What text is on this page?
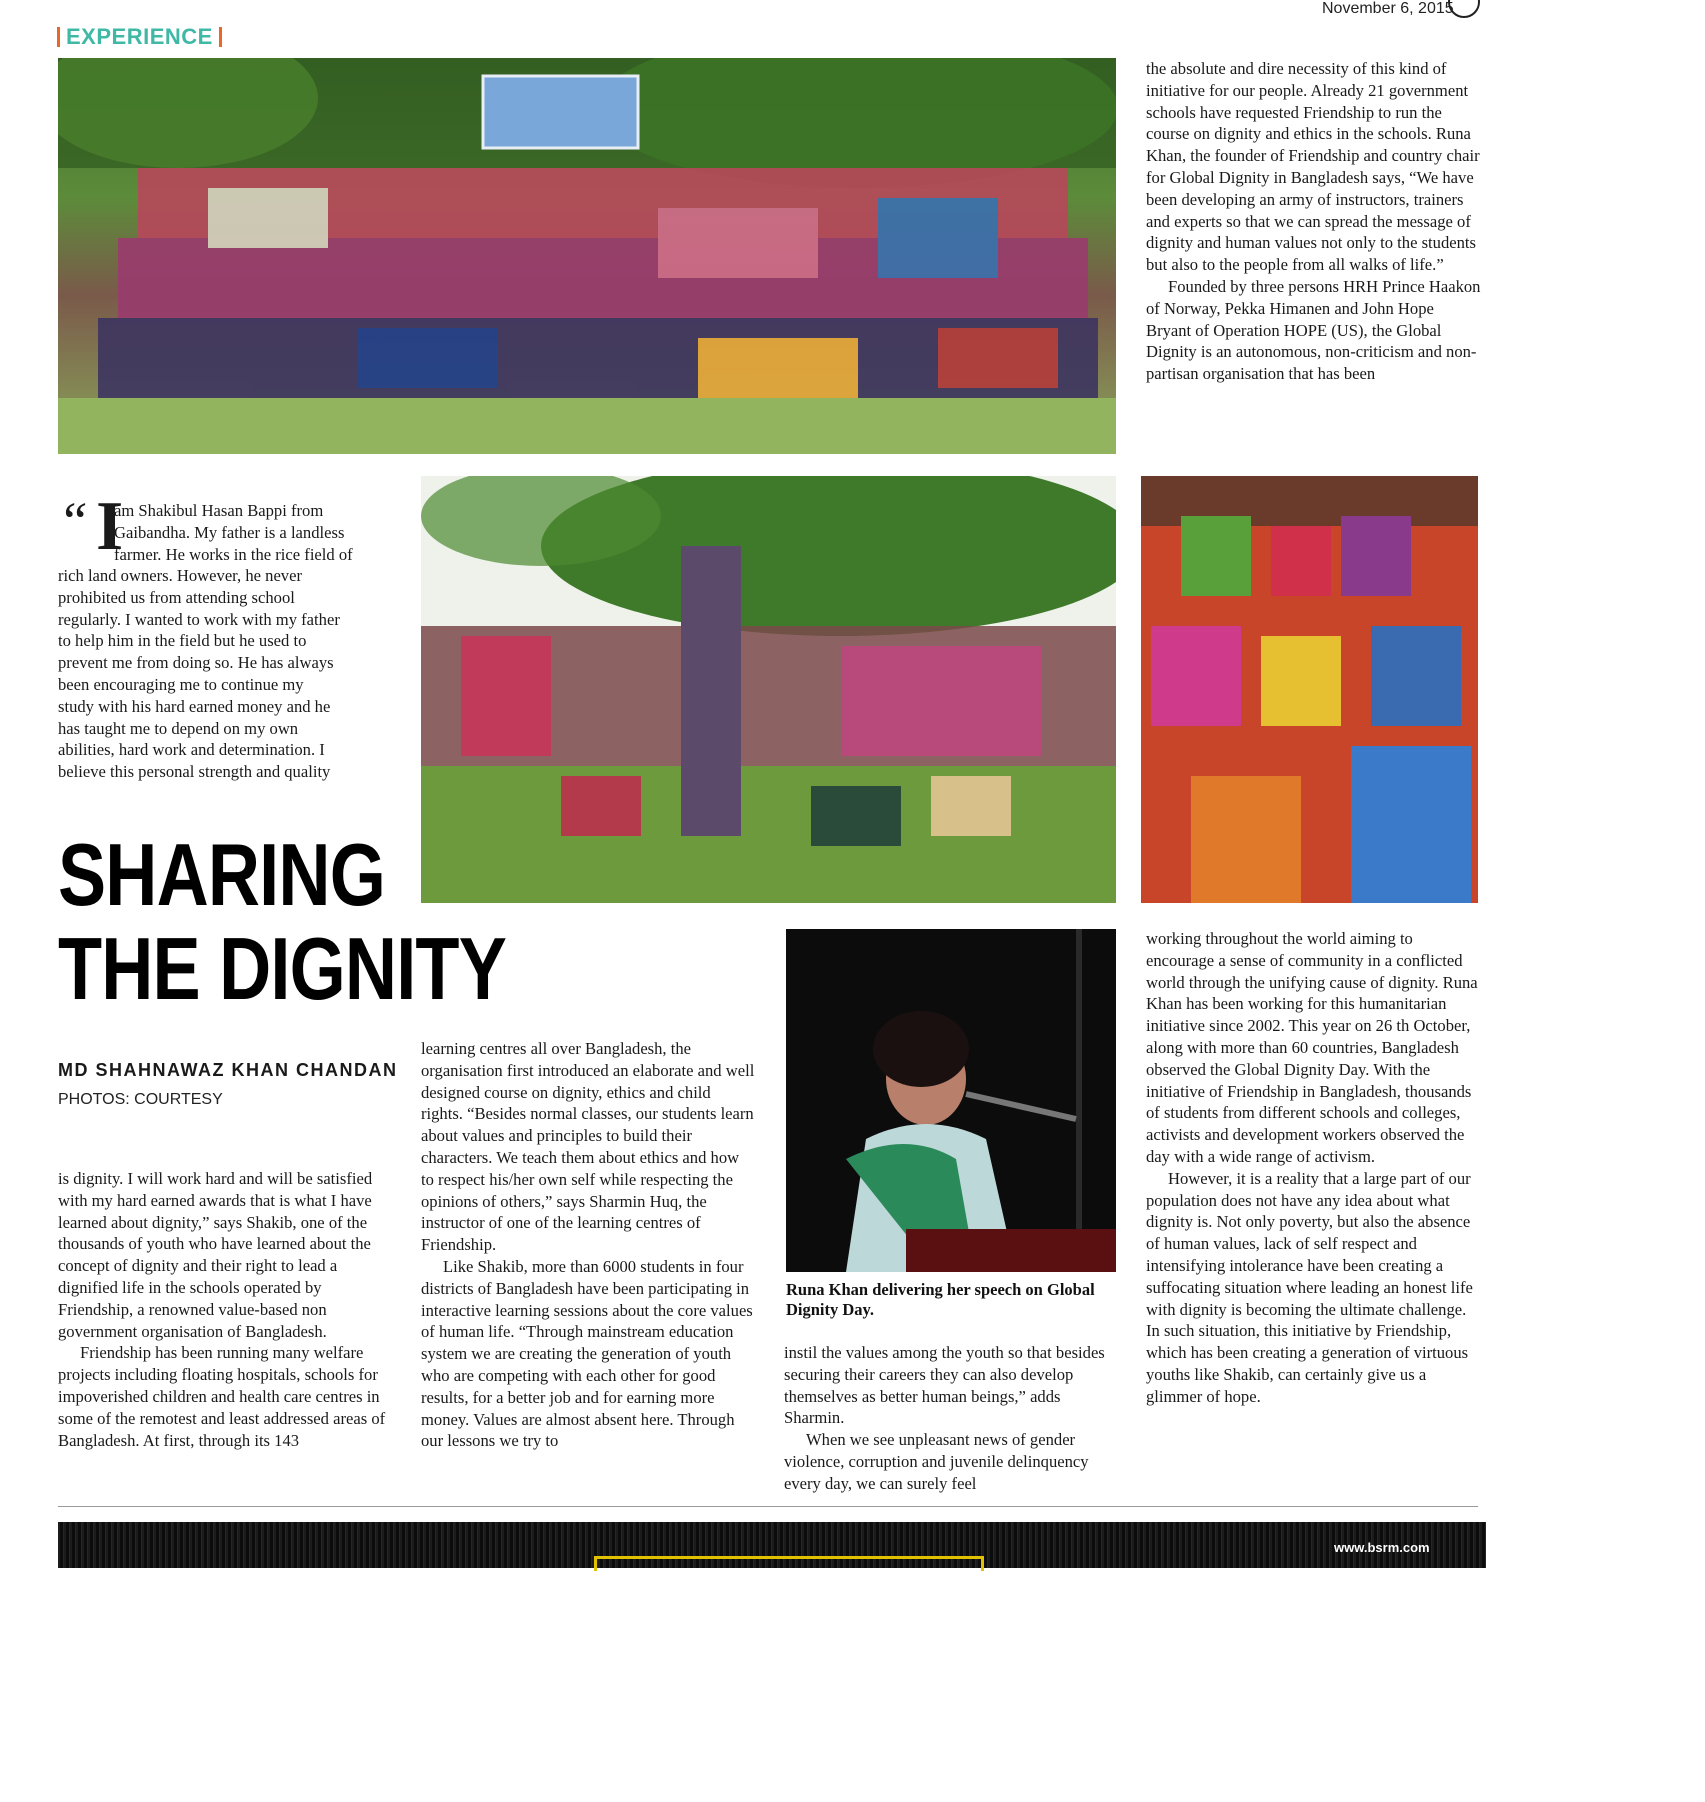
November 6, 2015
EXPERIENCE
“ I
am Shakibul Hasan Bappi from
Gaibandha. My father is a landless
farmer. He works in the rice field of
rich land owners. However, he never
prohibited us from attending school
regularly. I wanted to work with my father
to help him in the field but he used to
prevent me from doing so. He has always
been encouraging me to continue my
study with his hard earned money and he
has taught me to depend on my own
abilities, hard work and determination. I
believe this personal strength and quality
SHARING
THE DIGNITY
MD SHAHNAWAZ KHAN CHANDAN
PHOTOS: COURTESY

is dignity. I will work hard and will be satisfied with my hard earned awards that is what I have learned about dignity,” says Shakib, one of the thousands of youth who have learned about the concept of dignity and their right to lead a dignified life in the schools operated by Friendship, a renowned value-based non government organisation of Bangladesh.

Friendship has been running many welfare projects including floating hospitals, schools for impoverished children and health care centres in some of the remotest and least addressed areas of Bangladesh. At first, through its 143

learning centres all over Bangladesh, the organisation first introduced an elaborate and well designed course on dignity, ethics and child rights. “Besides normal classes, our students learn about values and principles to build their characters. We teach them about ethics and how to respect his/her own self while respecting the opinions of others,” says Sharmin Huq, the instructor of one of the learning centres of Friendship.

Like Shakib, more than 6000 students in four districts of Bangladesh have been participating in interactive learning sessions about the core values of human life. “Through mainstream education system we are creating the generation of youth who are competing with each other for good results, for a better job and for earning more money. Values are almost absent here. Through our lessons we try to

Runa Khan delivering her speech on Global Dignity Day.

instil the values among the youth so that besides securing their careers they can also develop themselves as better human beings,” adds Sharmin.

When we see unpleasant news of gender violence, corruption and juvenile delinquency every day, we can surely feel

the absolute and dire necessity of this kind of initiative for our people. Already 21 government schools have requested Friendship to run the course on dignity and ethics in the schools. Runa Khan, the founder of Friendship and country chair for Global Dignity in Bangladesh says, “We have been developing an army of instructors, trainers and experts so that we can spread the message of dignity and human values not only to the students but also to the people from all walks of life.”

Founded by three persons HRH Prince Haakon of Norway, Pekka Himanen and John Hope Bryant of Operation HOPE (US), the Global Dignity is an autonomous, non-criticism and non-partisan organisation that has been

working throughout the world aiming to encourage a sense of community in a conflicted world through the unifying cause of dignity. Runa Khan has been working for this humanitarian initiative since 2002. This year on 26 th October, along with more than 60 countries, Bangladesh observed the Global Dignity Day. With the initiative of Friendship in Bangladesh, thousands of students from different schools and colleges, activists and development workers observed the day with a wide range of activism.

However, it is a reality that a large part of our population does not have any idea about what dignity is. Not only poverty, but also the absence of human values, lack of self respect and intensifying intolerance have been creating a suffocating situation where leading an honest life with dignity is becoming the ultimate challenge. In such situation, this initiative by Friendship, which has been creating a generation of virtuous youths like Shakib, can certainly give us a glimmer of hope.

www.bsrm.com
